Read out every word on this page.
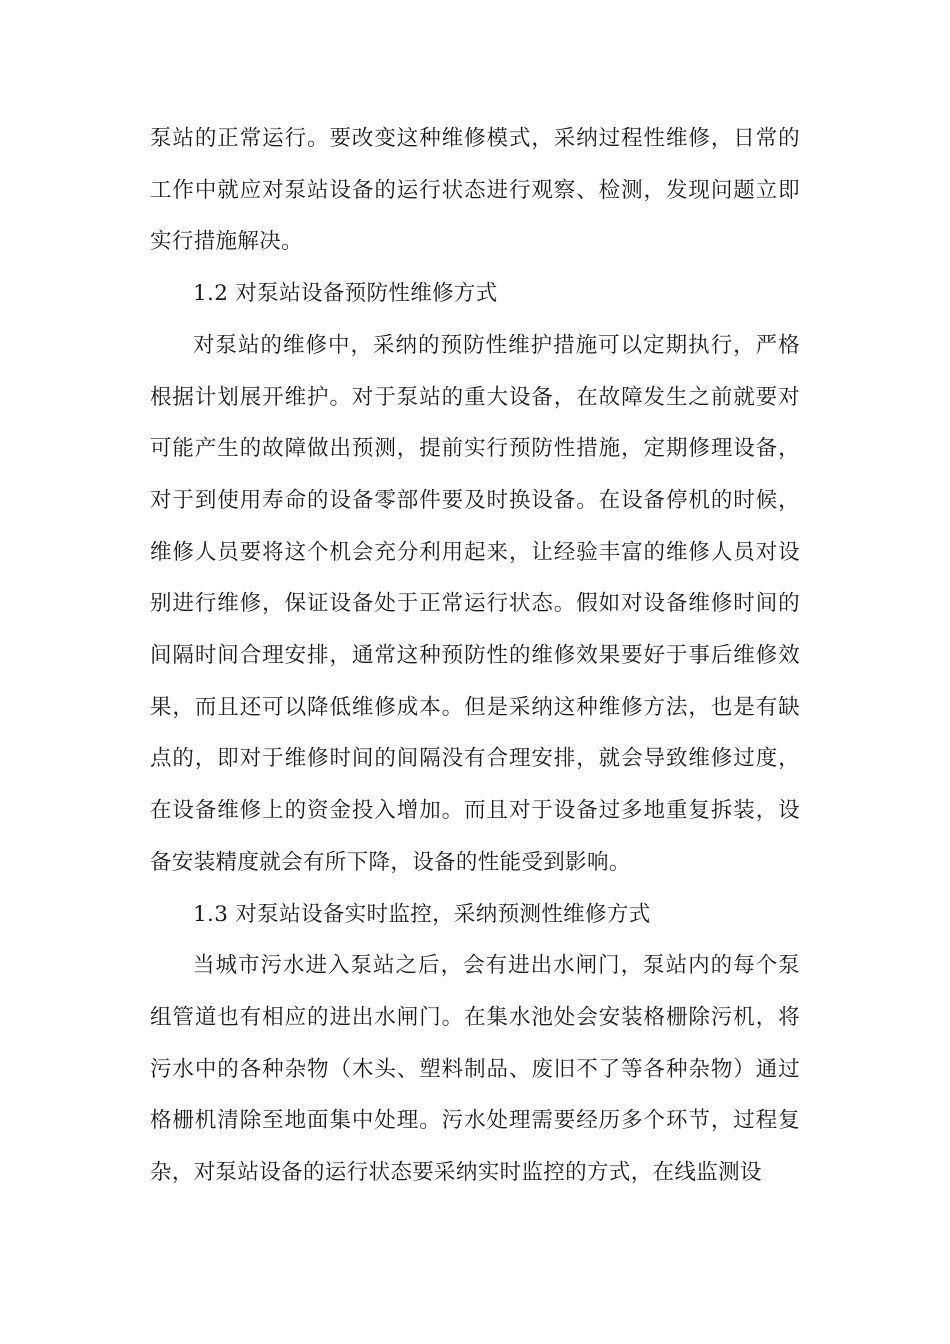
泵站的正常运行。要改变这种维修模式，采纳过程性维修，日常的工作中就应对泵站设备的运行状态进行观察、检测，发现问题立即实行措施解决。

1.2 对泵站设备预防性维修方式

对泵站的维修中，采纳的预防性维护措施可以定期执行，严格根据计划展开维护。对于泵站的重大设备，在故障发生之前就要对可能产生的故障做出预测，提前实行预防性措施，定期修理设备，对于到使用寿命的设备零部件要及时换设备。在设备停机的时候，维修人员要将这个机会充分利用起来，让经验丰富的维修人员对设别进行维修，保证设备处于正常运行状态。假如对设备维修时间的间隔时间合理安排，通常这种预防性的维修效果要好于事后维修效果，而且还可以降低维修成本。但是采纳这种维修方法，也是有缺点的，即对于维修时间的间隔没有合理安排，就会导致维修过度，在设备维修上的资金投入增加。而且对于设备过多地重复拆装，设备安装精度就会有所下降，设备的性能受到影响。

1.3 对泵站设备实时监控，采纳预测性维修方式

当城市污水进入泵站之后，会有进出水闸门，泵站内的每个泵组管道也有相应的进出水闸门。在集水池处会安装格栅除污机，将污水中的各种杂物（木头、塑料制品、废旧不了等各种杂物）通过格栅机清除至地面集中处理。污水处理需要经历多个环节，过程复杂，对泵站设备的运行状态要采纳实时监控的方式，在线监测设
